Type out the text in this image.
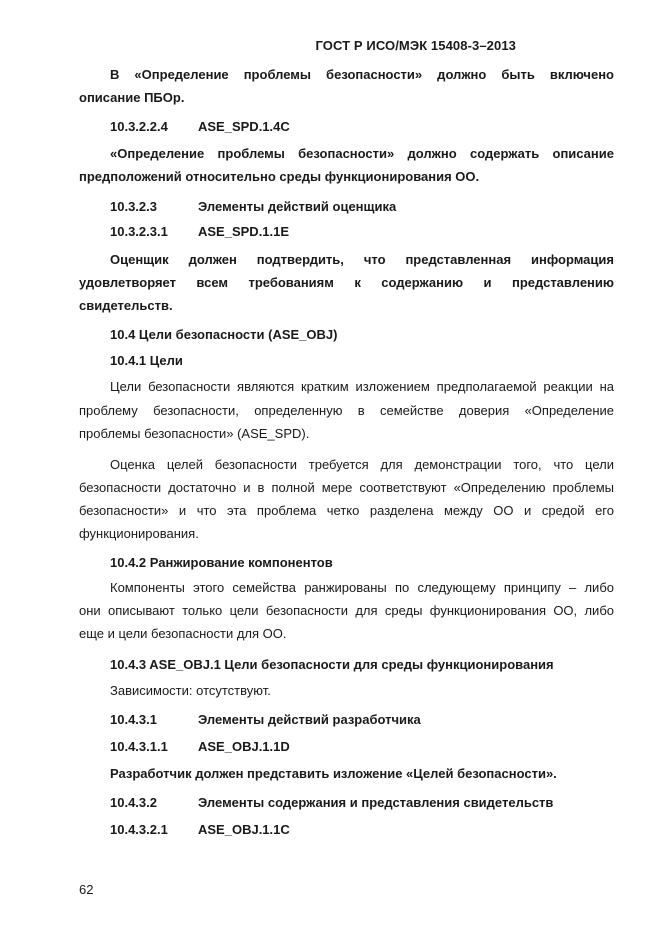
ГОСТ Р ИСО/МЭК 15408-3–2013
В «Определение проблемы безопасности» должно быть включено
описание ПБОр.
10.3.2.2.4 ASE_SPD.1.4C
«Определение проблемы безопасности» должно содержать описание
предположений относительно среды функционирования ОО.
10.3.2.3	Элементы действий оценщика
10.3.2.3.1 ASE_SPD.1.1E
Оценщик должен подтвердить, что представленная информация
удовлетворяет всем требованиям к содержанию и представлению
свидетельств.
10.4 Цели безопасности (ASE_OBJ)
10.4.1 Цели
Цели безопасности являются кратким изложением предполагаемой реакции на
проблему безопасности, определенную в семействе доверия «Определение
проблемы безопасности» (ASE_SPD).
Оценка целей безопасности требуется для демонстрации того, что цели
безопасности достаточно и в полной мере соответствуют «Определению проблемы
безопасности» и что эта проблема четко разделена между ОО и средой его
функционирования.
10.4.2 Ранжирование компонентов
Компоненты этого семейства ранжированы по следующему принципу – либо
они описывают только цели безопасности для среды функционирования ОО, либо
еще и цели безопасности для ОО.
10.4.3 ASE_OBJ.1 Цели безопасности для среды функционирования
Зависимости: отсутствуют.
10.4.3.1	Элементы действий разработчика
10.4.3.1.1 ASE_OBJ.1.1D
Разработчик должен представить изложение «Целей безопасности».
10.4.3.2	Элементы содержания и представления свидетельств
10.4.3.2.1 ASE_OBJ.1.1C
62
